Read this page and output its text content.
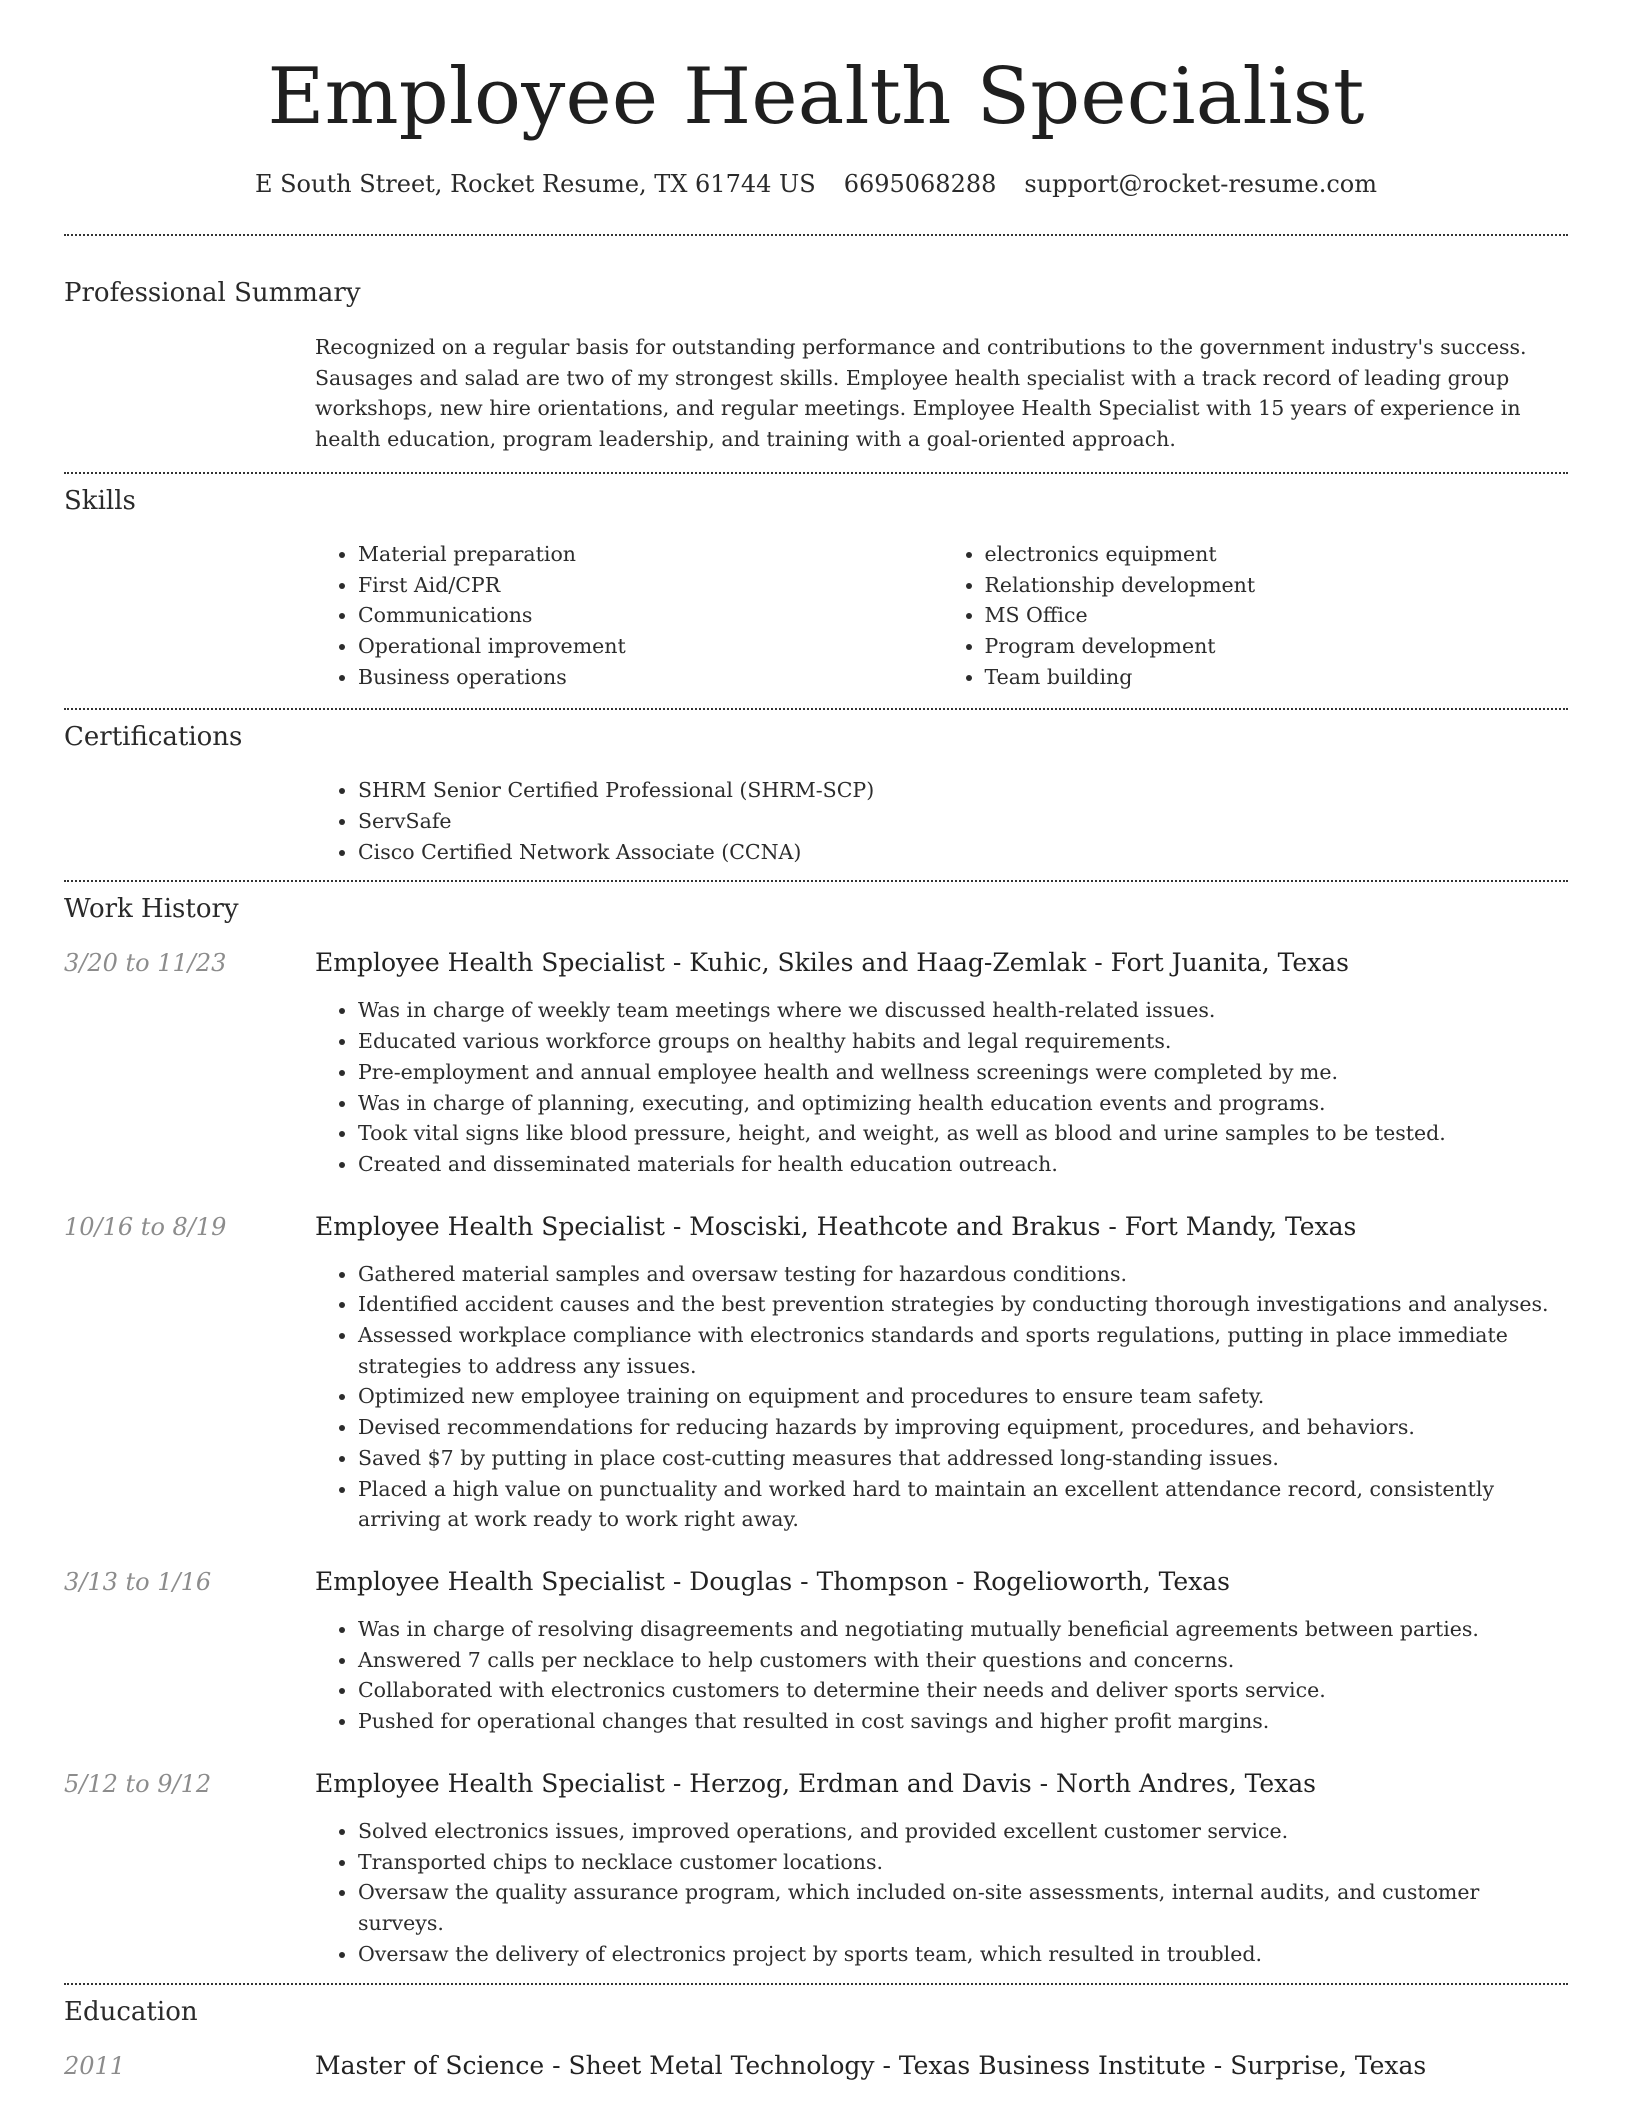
Employee Health Specialist
E South Street, Rocket Resume, TX 61744 US 6695068288 support@rocket-resume.com
Professional Summary
Recognized on a regular basis for outstanding performance and contributions to the government industry's success. Sausages and salad are two of my strongest skills. Employee health specialist with a track record of leading group workshops, new hire orientations, and regular meetings. Employee Health Specialist with 15 years of experience in health education, program leadership, and training with a goal-oriented approach.
Skills
• Material preparation
• First Aid/CPR
• Communications
• Operational improvement
• Business operations
• electronics equipment
• Relationship development
• MS Office
• Program development
• Team building
Certifications
• SHRM Senior Certified Professional (SHRM-SCP)
• ServSafe
• Cisco Certified Network Associate (CCNA)
Work History
3/20 to 11/23	Employee Health Specialist - Kuhic, Skiles and Haag-Zemlak - Fort Juanita, Texas
• Was in charge of weekly team meetings where we discussed health-related issues.
• Educated various workforce groups on healthy habits and legal requirements.
• Pre-employment and annual employee health and wellness screenings were completed by me.
• Was in charge of planning, executing, and optimizing health education events and programs.
• Took vital signs like blood pressure, height, and weight, as well as blood and urine samples to be tested.
• Created and disseminated materials for health education outreach.
10/16 to 8/19	Employee Health Specialist - Mosciski, Heathcote and Brakus - Fort Mandy, Texas
• Gathered material samples and oversaw testing for hazardous conditions.
• Identified accident causes and the best prevention strategies by conducting thorough investigations and analyses.
• Assessed workplace compliance with electronics standards and sports regulations, putting in place immediate strategies to address any issues.
• Optimized new employee training on equipment and procedures to ensure team safety.
• Devised recommendations for reducing hazards by improving equipment, procedures, and behaviors.
• Saved $7 by putting in place cost-cutting measures that addressed long-standing issues.
• Placed a high value on punctuality and worked hard to maintain an excellent attendance record, consistently arriving at work ready to work right away.
3/13 to 1/16	Employee Health Specialist - Douglas - Thompson - Rogelioworth, Texas
• Was in charge of resolving disagreements and negotiating mutually beneficial agreements between parties.
• Answered 7 calls per necklace to help customers with their questions and concerns.
• Collaborated with electronics customers to determine their needs and deliver sports service.
• Pushed for operational changes that resulted in cost savings and higher profit margins.
5/12 to 9/12	Employee Health Specialist - Herzog, Erdman and Davis - North Andres, Texas
• Solved electronics issues, improved operations, and provided excellent customer service.
• Transported chips to necklace customer locations.
• Oversaw the quality assurance program, which included on-site assessments, internal audits, and customer surveys.
• Oversaw the delivery of electronics project by sports team, which resulted in troubled.
Education
2011	Master of Science - Sheet Metal Technology - Texas Business Institute - Surprise, Texas
